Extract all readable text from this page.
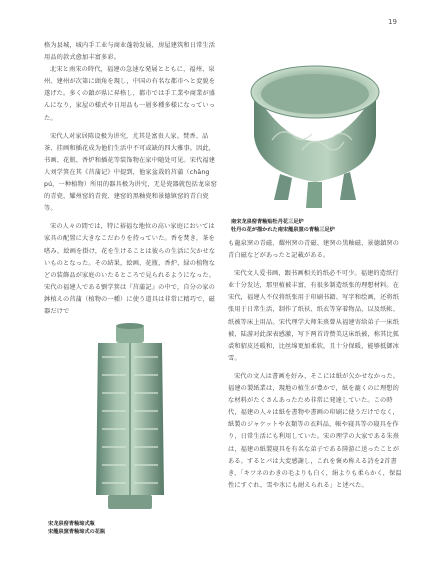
19

格为县城，城内手工业与商业蓬勃发展，房屋建筑和日常生活用品的款式愈加丰富多彩。

北宋と南宋の時代，福建の急速な発展とともに，福州、泉州、建州が次第に頭角を現し，中国の有名な都市へと変貌を遂げた。多くの鎮が県に昇格し，都市では手工業や商業が盛んになり，家屋の様式や日用品も一層多種多様になっていった。

宋代人对家居陈设极为讲究，尤其是富贵人家。焚香、品茶、挂画和插花成为他们生活中不可或缺的四大雅事。因此，书画、花瓶、香炉和插花等装饰物在家中随处可见。宋代福建人刘学箕在其《莒蒲记》中提到，他家盆栽的莒蒲（chāng pú，一种植物）所用的器具极为讲究，无是瓷器就包括龙泉窑的青瓷、耀州窑的青瓷、建窑的黑釉瓷和景德镇窑的青白瓷等。

宋の人々の間では，特に裕福な地位の高い家庭においては家具の配置に大きなこだわりを持っていた。香を焚き，茶を嗜み，絵画を掛け，花を生けることは彼らの生活に欠かせないものとなった。その結果，絵画、花瓶、香炉、緑の植物などの装飾品が家庭のいたるところで見られるようになった。宋代の福建人である劉学箕は『莒蒲記』の中で，自分の家の鉢植えの莒蒲（植物の一種）に使う道具は非常に精巧で，磁器だけで

南宋龙泉窑青釉贴牡丹花三足炉
牡丹の花が描かれた南宋龍泉窯の青釉三足炉

も龍泉窯の青磁、耀州窯の青磁、建窯の黒釉磁、景德鎮窯の青白磁などがあったと記載がある。

宋代文人爱书画，跟书画相关的纸必不可少。福建的造纸行业十分发达，那里植被丰富，有很多制造纸张的理想材料。在宋代，福建人不仅将纸张用于印刷书籍、写字和绘画，还将纸张用于日常生活，制作了纸袄、纸衣等穿着物品，以及纸帐、纸被等床上用品。宋代理学大师朱熹曾从福建寄给弟子一床纸被，陆游对此深表感激，写下两首诗赞美这床纸被，称其比狐裘和貂皮还暖和，比丝绵更加柔软，且十分保暖，能够抵御冰雪。

宋代の文人は書画を好み，そこには紙が欠かせなかった。福建の製紙業は，現地の植生が豊かで，紙を漉くのに理想的な材料がたくさんあったため非常に発達していた。この時代，福建の人々は紙を書物や書画の印刷に使うだけでなく，紙製のジャケットや衣類等の衣料品，帳や寝具等の寝具を作り，日常生活にも利用していた。宋の理学の大家である朱熹は，福建の紙製寝具を有名な弟子である陸游に送ったことがある。するとパは大変感謝し，これを褒め称える詩を2首書き，「キツネのわきの毛よりも白く，絹よりも柔らかく，保温性にすぐれ，雪や氷にも耐えられる」と述べた。

宋龙泉窑青釉琮式瓶
宋龍泉窯青釉琮式の花瓶
